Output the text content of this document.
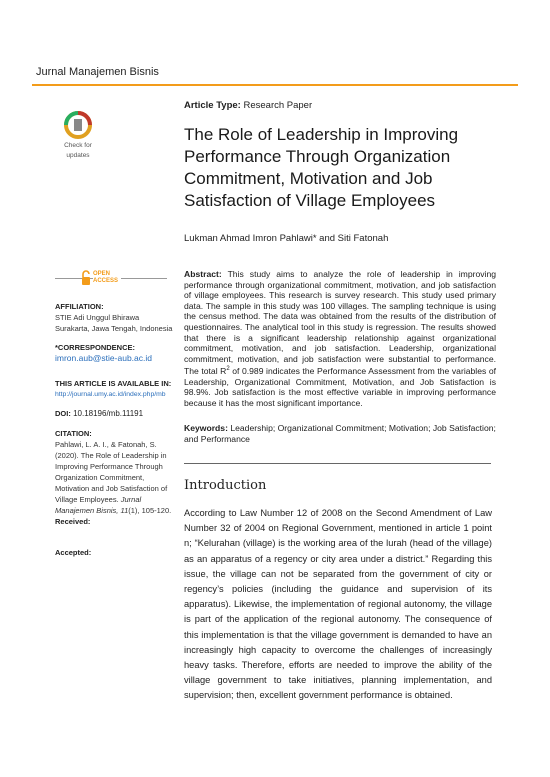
Jurnal Manajemen Bisnis
Check for
updates
Article Type: Research Paper
The Role of Leadership in Improving Performance Through Organization Commitment, Motivation and Job Satisfaction of Village Employees
Lukman Ahmad Imron Pahlawi* and Siti Fatonah
OPEN
ACCESS
AFFILIATION:
STIE Adi Unggul Bhirawa Surakarta, Jawa Tengah, Indonesia
*CORRESPONDENCE:
imron.aub@stie-aub.ac.id
THIS ARTICLE IS AVAILABLE IN:
http://journal.umy.ac.id/index.php/mb
DOI: 10.18196/mb.11191
CITATION:
Pahlawi, L. A. I., & Fatonah, S. (2020). The Role of Leadership in Improving Performance Through Organization Commitment, Motivation and Job Satisfaction of Village Employees. Jurnal Manajemen Bisnis, 11(1), 105-120.
Received:
Accepted:
Abstract: This study aims to analyze the role of leadership in improving performance through organizational commitment, motivation, and job satisfaction of village employees. This research is survey research. This study used primary data. The sample in this study was 100 villages. The sampling technique is using the census method. The data was obtained from the results of the distribution of questionnaires. The analytical tool in this study is regression. The results showed that there is a significant leadership relationship against organizational commitment, motivation, and job satisfaction. Leadership, organizational commitment, motivation, and job satisfaction were substantial to performance. The total $R^2$ of 0.989 indicates the Performance Assessment from the variables of Leadership, Organizational Commitment, Motivation, and Job Satisfaction is 98.9%. Job satisfaction is the most effective variable in improving performance because it has the most significant importance.
Keywords: Leadership; Organizational Commitment; Motivation; Job Satisfaction; and Performance
Introduction
According to Law Number 12 of 2008 on the Second Amendment of Law Number 32 of 2004 on Regional Government, mentioned in article 1 point n; “Kelurahan (village) is the working area of the lurah (head of the village) as an apparatus of a regency or city area under a district.” Regarding this issue, the village can not be separated from the government of city or regency’s policies (including the guidance and supervision of its apparatus). Likewise, the implementation of regional autonomy, the village is part of the application of the regional autonomy. The consequence of this implementation is that the village government is demanded to have an increasingly high capacity to overcome the challenges of increasingly heavy tasks. Therefore, efforts are needed to improve the ability of the village government to take initiatives, planning implementation, and supervision; then, excellent government performance is obtained.
